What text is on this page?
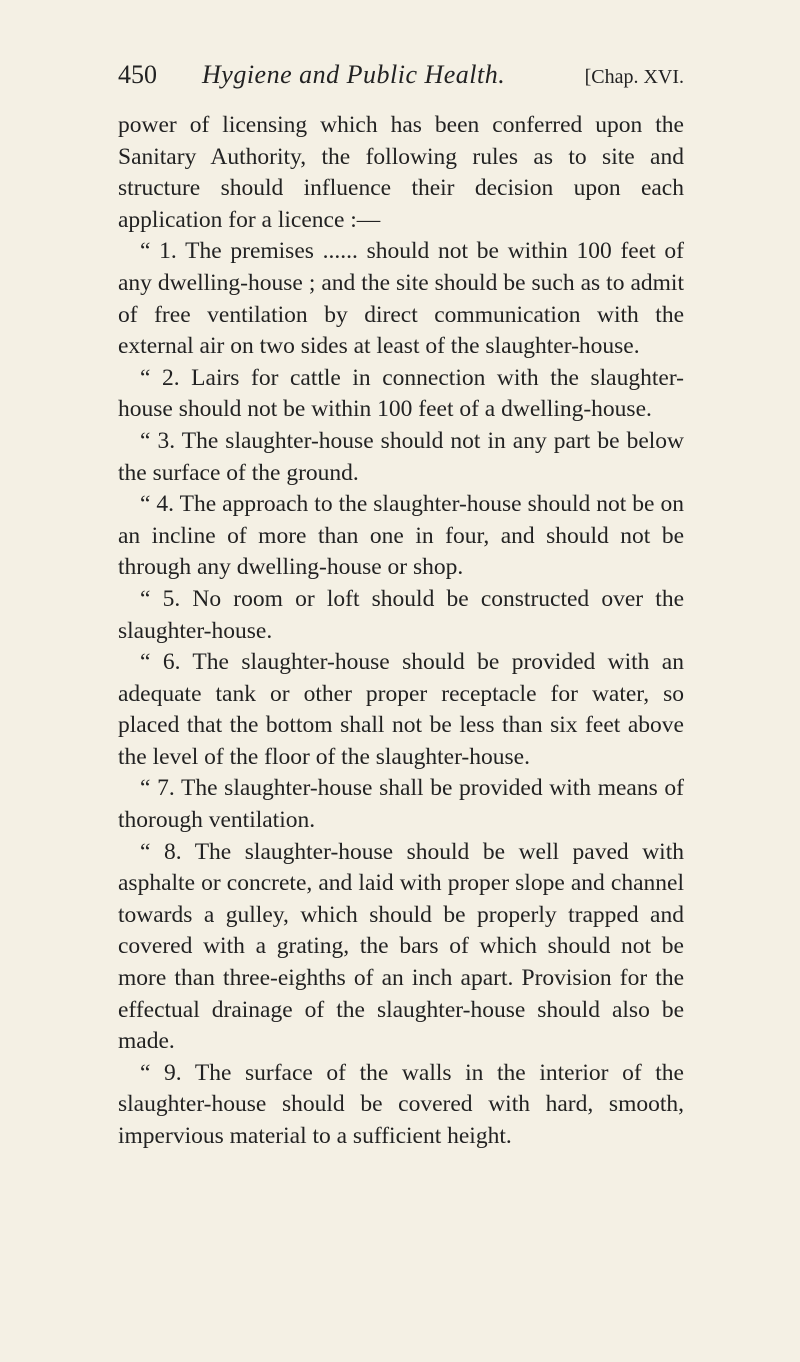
450	Hygiene and Public Health.	[Chap. XVI.

power of licensing which has been conferred upon the Sanitary Authority, the following rules as to site and structure should influence their decision upon each application for a licence :—

“ 1. The premises ...... should not be within 100 feet of any dwelling-house ; and the site should be such as to admit of free ventilation by direct communication with the external air on two sides at least of the slaughter-house.

“ 2. Lairs for cattle in connection with the slaughter-house should not be within 100 feet of a dwelling-house.

“ 3. The slaughter-house should not in any part be below the surface of the ground.

“ 4. The approach to the slaughter-house should not be on an incline of more than one in four, and should not be through any dwelling-house or shop.

“ 5. No room or loft should be constructed over the slaughter-house.

“ 6. The slaughter-house should be provided with an adequate tank or other proper receptacle for water, so placed that the bottom shall not be less than six feet above the level of the floor of the slaughter-house.

“ 7. The slaughter-house shall be provided with means of thorough ventilation.

“ 8. The slaughter-house should be well paved with asphalte or concrete, and laid with proper slope and channel towards a gulley, which should be properly trapped and covered with a grating, the bars of which should not be more than three-eighths of an inch apart. Provision for the effectual drainage of the slaughter-house should also be made.

“ 9. The surface of the walls in the interior of the slaughter-house should be covered with hard, smooth, impervious material to a sufficient height.
